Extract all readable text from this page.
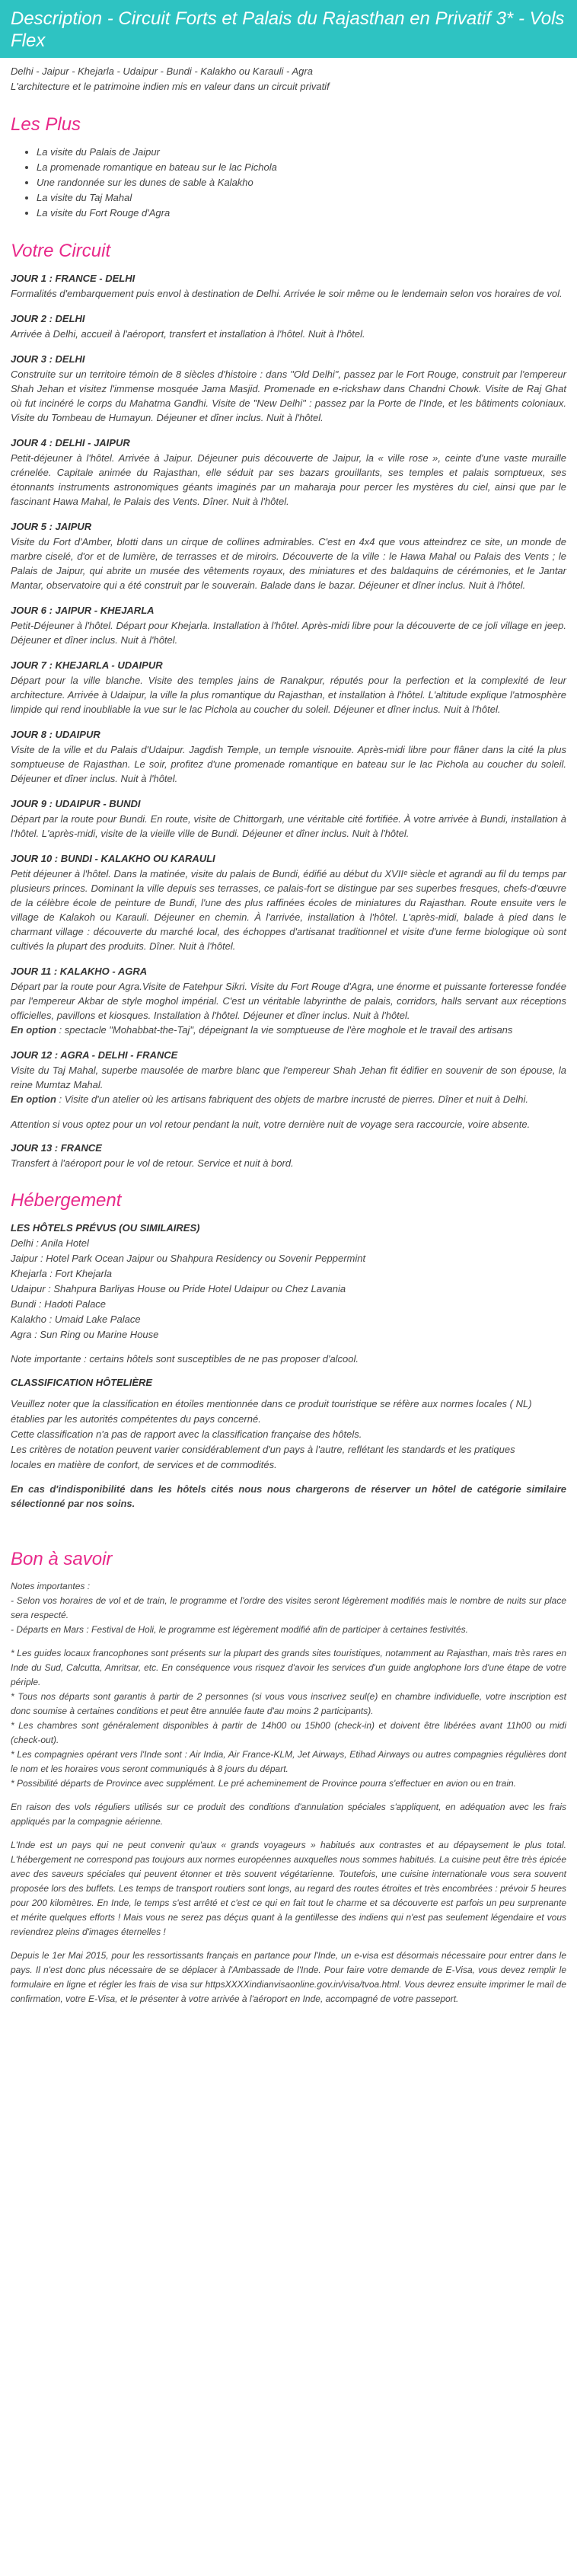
Description - Circuit Forts et Palais du Rajasthan en Privatif 3* - Vols Flex
Delhi - Jaipur - Khejarla - Udaipur - Bundi - Kalakho ou Karauli - Agra
L'architecture et le patrimoine indien mis en valeur dans un circuit privatif
Les Plus
• La visite du Palais de Jaipur
• La promenade romantique en bateau sur le lac Pichola
• Une randonnée sur les dunes de sable à Kalakho
• La visite du Taj Mahal
• La visite du Fort Rouge d'Agra
Votre Circuit
JOUR 1 : FRANCE - DELHI
Formalités d'embarquement puis envol à destination de Delhi. Arrivée le soir même ou le lendemain selon vos horaires de vol.
JOUR 2 : DELHI
Arrivée à Delhi, accueil à l'aéroport, transfert et installation à l'hôtel. Nuit à l'hôtel.
JOUR 3 : DELHI
Construite sur un territoire témoin de 8 siècles d'histoire : dans "Old Delhi", passez par le Fort Rouge, construit par l'empereur Shah Jehan et visitez l'immense mosquée Jama Masjid. Promenade en e-rickshaw dans Chandni Chowk. Visite de Raj Ghat où fut incinéré le corps du Mahatma Gandhi. Visite de "New Delhi" : passez par la Porte de l'Inde, et les bâtiments coloniaux. Visite du Tombeau de Humayun. Déjeuner et dîner inclus. Nuit à l'hôtel.
JOUR 4 : DELHI - JAIPUR
Petit-déjeuner à l'hôtel. Arrivée à Jaipur. Déjeuner puis découverte de Jaipur, la « ville rose », ceinte d'une vaste muraille crénelée. Capitale animée du Rajasthan, elle séduit par ses bazars grouillants, ses temples et palais somptueux, ses étonnants instruments astronomiques géants imaginés par un maharaja pour percer les mystères du ciel, ainsi que par le fascinant Hawa Mahal, le Palais des Vents. Dîner. Nuit à l'hôtel.
JOUR 5 : JAIPUR
Visite du Fort d'Amber, blotti dans un cirque de collines admirables. C'est en 4x4 que vous atteindrez ce site, un monde de marbre ciselé, d'or et de lumière, de terrasses et de miroirs. Découverte de la ville : le Hawa Mahal ou Palais des Vents ; le Palais de Jaipur, qui abrite un musée des vêtements royaux, des miniatures et des baldaquins de cérémonies, et le Jantar Mantar, observatoire qui a été construit par le souverain. Balade dans le bazar. Déjeuner et dîner inclus. Nuit à l'hôtel.
JOUR 6 : JAIPUR - KHEJARLA
Petit-Déjeuner à l'hôtel. Départ pour Khejarla. Installation à l'hôtel. Après-midi libre pour la découverte de ce joli village en jeep. Déjeuner et dîner inclus. Nuit à l'hôtel.
JOUR 7 : KHEJARLA - UDAIPUR
Départ pour la ville blanche. Visite des temples jains de Ranakpur, réputés pour la perfection et la complexité de leur architecture. Arrivée à Udaipur, la ville la plus romantique du Rajasthan, et installation à l'hôtel. L'altitude explique l'atmosphère limpide qui rend inoubliable la vue sur le lac Pichola au coucher du soleil. Déjeuner et dîner inclus. Nuit à l'hôtel.
JOUR 8 : UDAIPUR
Visite de la ville et du Palais d'Udaipur. Jagdish Temple, un temple visnouite. Après-midi libre pour flâner dans la cité la plus somptueuse de Rajasthan. Le soir, profitez d'une promenade romantique en bateau sur le lac Pichola au coucher du soleil. Déjeuner et dîner inclus. Nuit à l'hôtel.
JOUR 9 : UDAIPUR - BUNDI
Départ par la route pour Bundi. En route, visite de Chittorgarh, une véritable cité fortifiée. À votre arrivée à Bundi, installation à l'hôtel. L'après-midi, visite de la vieille ville de Bundi. Déjeuner et dîner inclus. Nuit à l'hôtel.
JOUR 10 : BUNDI - KALAKHO OU KARAULI
Petit déjeuner à l'hôtel. Dans la matinée, visite du palais de Bundi, édifié au début du XVIIᵉ siècle et agrandi au fil du temps par plusieurs princes. Dominant la ville depuis ses terrasses, ce palais-fort se distingue par ses superbes fresques, chefs-d'œuvre de la célèbre école de peinture de Bundi, l'une des plus raffinées écoles de miniatures du Rajasthan. Route ensuite vers le village de Kalakoh ou Karauli. Déjeuner en chemin. À l'arrivée, installation à l'hôtel. L'après-midi, balade à pied dans le charmant village : découverte du marché local, des échoppes d'artisanat traditionnel et visite d'une ferme biologique où sont cultivés la plupart des produits. Dîner. Nuit à l'hôtel.
JOUR 11 : KALAKHO - AGRA
Départ par la route pour Agra.Visite de Fatehpur Sikri. Visite du Fort Rouge d'Agra, une énorme et puissante forteresse fondée par l'empereur Akbar de style moghol impérial. C'est un véritable labyrinthe de palais, corridors, halls servant aux réceptions officielles, pavillons et kiosques. Installation à l'hôtel. Déjeuner et dîner inclus. Nuit à l'hôtel.
En option : spectacle "Mohabbat-the-Taj", dépeignant la vie somptueuse de l'ère moghole et le travail des artisans
JOUR 12 : AGRA - DELHI - FRANCE
Visite du Taj Mahal, superbe mausolée de marbre blanc que l'empereur Shah Jehan fit édifier en souvenir de son épouse, la reine Mumtaz Mahal.
En option : Visite d'un atelier où les artisans fabriquent des objets de marbre incrusté de pierres. Dîner et nuit à Delhi.
Attention si vous optez pour un vol retour pendant la nuit, votre dernière nuit de voyage sera raccourcie, voire absente.
JOUR 13 : FRANCE
Transfert à l'aéroport pour le vol de retour. Service et nuit à bord.
Hébergement
LES HÔTELS PRÉVUS (OU SIMILAIRES)
Delhi : Anila Hotel
Jaipur : Hotel Park Ocean Jaipur ou Shahpura Residency ou Sovenir Peppermint
Khejarla : Fort Khejarla
Udaipur : Shahpura Barliyas House ou Pride Hotel Udaipur ou Chez Lavania
Bundi : Hadoti Palace
Kalakho : Umaid Lake Palace
Agra : Sun Ring ou Marine House
Note importante : certains hôtels sont susceptibles de ne pas proposer d'alcool.
CLASSIFICATION HÔTELIÈRE
Veuillez noter que la classification en étoiles mentionnée dans ce produit touristique se réfère aux normes locales ( NL)
établies par les autorités compétentes du pays concerné.
Cette classification n'a pas de rapport avec la classification française des hôtels.
Les critères de notation peuvent varier considérablement d'un pays à l'autre, reflétant les standards et les pratiques
locales en matière de confort, de services et de commodités.
En cas d'indisponibilité dans les hôtels cités nous nous chargerons de réserver un hôtel de catégorie similaire sélectionné par nos soins.
Bon à savoir
Notes importantes :
- Selon vos horaires de vol et de train, le programme et l'ordre des visites seront légèrement modifiés mais le nombre de nuits sur place sera respecté.
- Départs en Mars : Festival de Holi, le programme est légèrement modifié afin de participer à certaines festivités.
* Les guides locaux francophones sont présents sur la plupart des grands sites touristiques, notamment au Rajasthan, mais très rares en Inde du Sud, Calcutta, Amritsar, etc. En conséquence vous risquez d'avoir les services d'un guide anglophone lors d'une étape de votre périple.
* Tous nos départs sont garantis à partir de 2 personnes (si vous vous inscrivez seul(e) en chambre individuelle, votre inscription est donc soumise à certaines conditions et peut être annulée faute d'au moins 2 participants).
* Les chambres sont généralement disponibles à partir de 14h00 ou 15h00 (check-in) et doivent être libérées avant 11h00 ou midi (check-out).
* Les compagnies opérant vers l'Inde sont : Air India, Air France-KLM, Jet Airways, Etihad Airways ou autres compagnies régulières dont le nom et les horaires vous seront communiqués à 8 jours du départ.
* Possibilité départs de Province avec supplément. Le pré acheminement de Province pourra s'effectuer en avion ou en train.
En raison des vols réguliers utilisés sur ce produit des conditions d'annulation spéciales s'appliquent, en adéquation avec les frais appliqués par la compagnie aérienne.
L'Inde est un pays qui ne peut convenir qu'aux « grands voyageurs » habitués aux contrastes et au dépaysement le plus total. L'hébergement ne correspond pas toujours aux normes européennes auxquelles nous sommes habitués. La cuisine peut être très épicée avec des saveurs spéciales qui peuvent étonner et très souvent végétarienne. Toutefois, une cuisine internationale vous sera souvent proposée lors des buffets. Les temps de transport routiers sont longs, au regard des routes étroites et très encombrées : prévoir 5 heures pour 200 kilomètres. En Inde, le temps s'est arrêté et c'est ce qui en fait tout le charme et sa découverte est parfois un peu surprenante et mérite quelques efforts ! Mais vous ne serez pas déçus quant à la gentillesse des indiens qui n'est pas seulement légendaire et vous reviendrez pleins d'images éternelles !
Depuis le 1er Mai 2015, pour les ressortissants français en partance pour l'Inde, un e-visa est désormais nécessaire pour entrer dans le pays. Il n'est donc plus nécessaire de se déplacer à l'Ambassade de l'Inde. Pour faire votre demande de E-Visa, vous devez remplir le formulaire en ligne et régler les frais de visa sur httpsXXXXindianvisaonline.gov.in/visa/tvoa.html. Vous devrez ensuite imprimer le mail de confirmation, votre E-Visa, et le présenter à votre arrivée à l'aéroport en Inde, accompagné de votre passeport.
